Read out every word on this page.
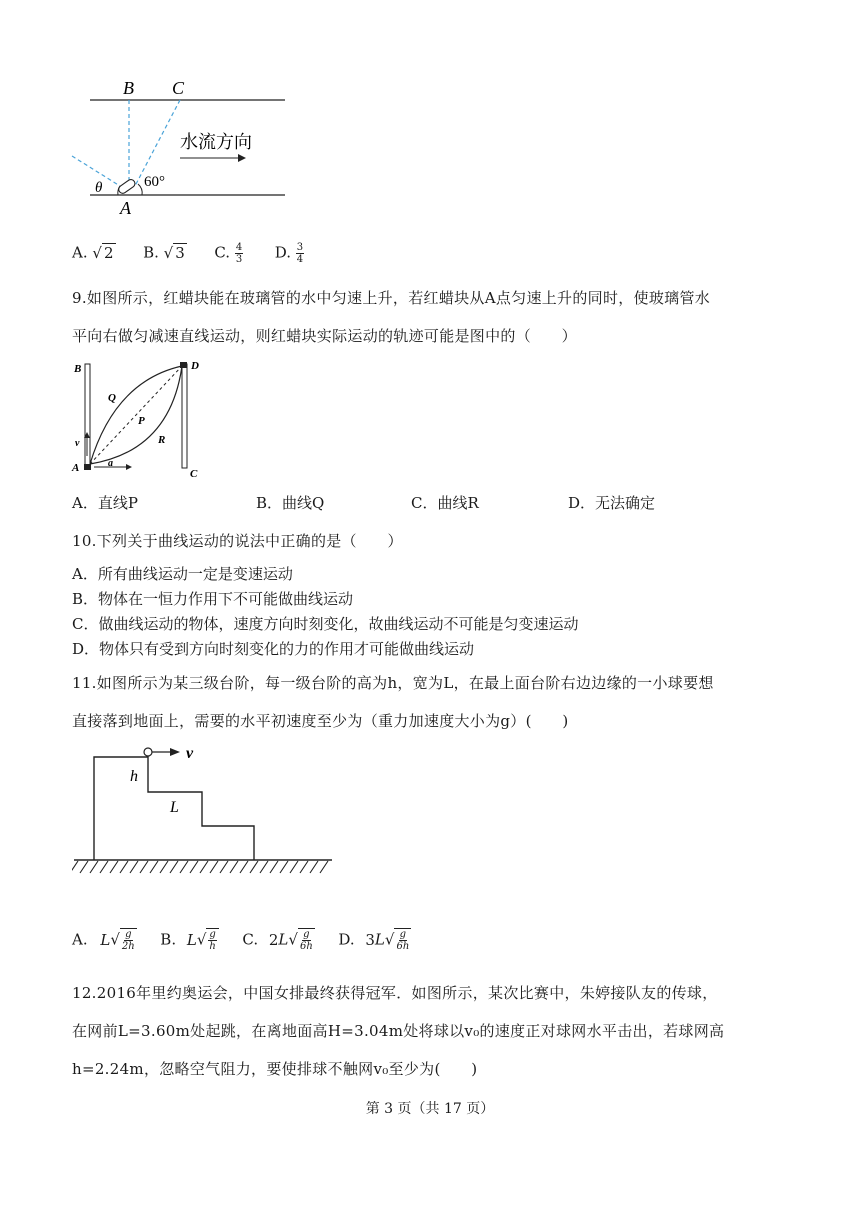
B C
A
θ	60°
水流方向
A. √ 2 B. √ 3 C. $\frac{4}{3} D$. $\frac{3}{4}$
9.如图所示，红蜡块能在玻璃管的水中匀速上升，若红蜡块从A点匀速上升的同时，使玻璃管水
平向右做匀减速直线运动，则红蜡块实际运动的轨迹可能是图中的（　　）
B	D
Q
P
R
v
A	a
C
A．直线P	B．曲线Q	C．曲线R	D．无法确定
10.下列关于曲线运动的说法中正确的是（　　）
A．所有曲线运动一定是变速运动
B．物体在一恒力作用下不可能做曲线运动
C．做曲线运动的物体，速度方向时刻变化，故曲线运动不可能是匀变速运动
D．物体只有受到方向时刻变化的力的作用才可能做曲线运动
11.如图所示为某三级台阶，每一级台阶的高为h，宽为L，在最上面台阶右边边缘的一小球要想
直接落到地面上，需要的水平初速度至少为（重力加速度大小为g）(　　)
v
h
L
A. $L√ \frac{g}{2h} B$. $L√ \frac{g}{h} C$. $2L√ \frac{g}{6h} D$. $3L√ \frac{g}{6h}$
12.2016年里约奥运会，中国女排最终获得冠军．如图所示，某次比赛中，朱婷接队友的传球，
在网前L=3.60m处起跳，在离地面高H=3.04m处将球以v₀的速度正对球网水平击出，若球网高
h=2.24m，忽略空气阻力，要使排球不触网v₀至少为(　　)
第 3 页（共 17 页）
